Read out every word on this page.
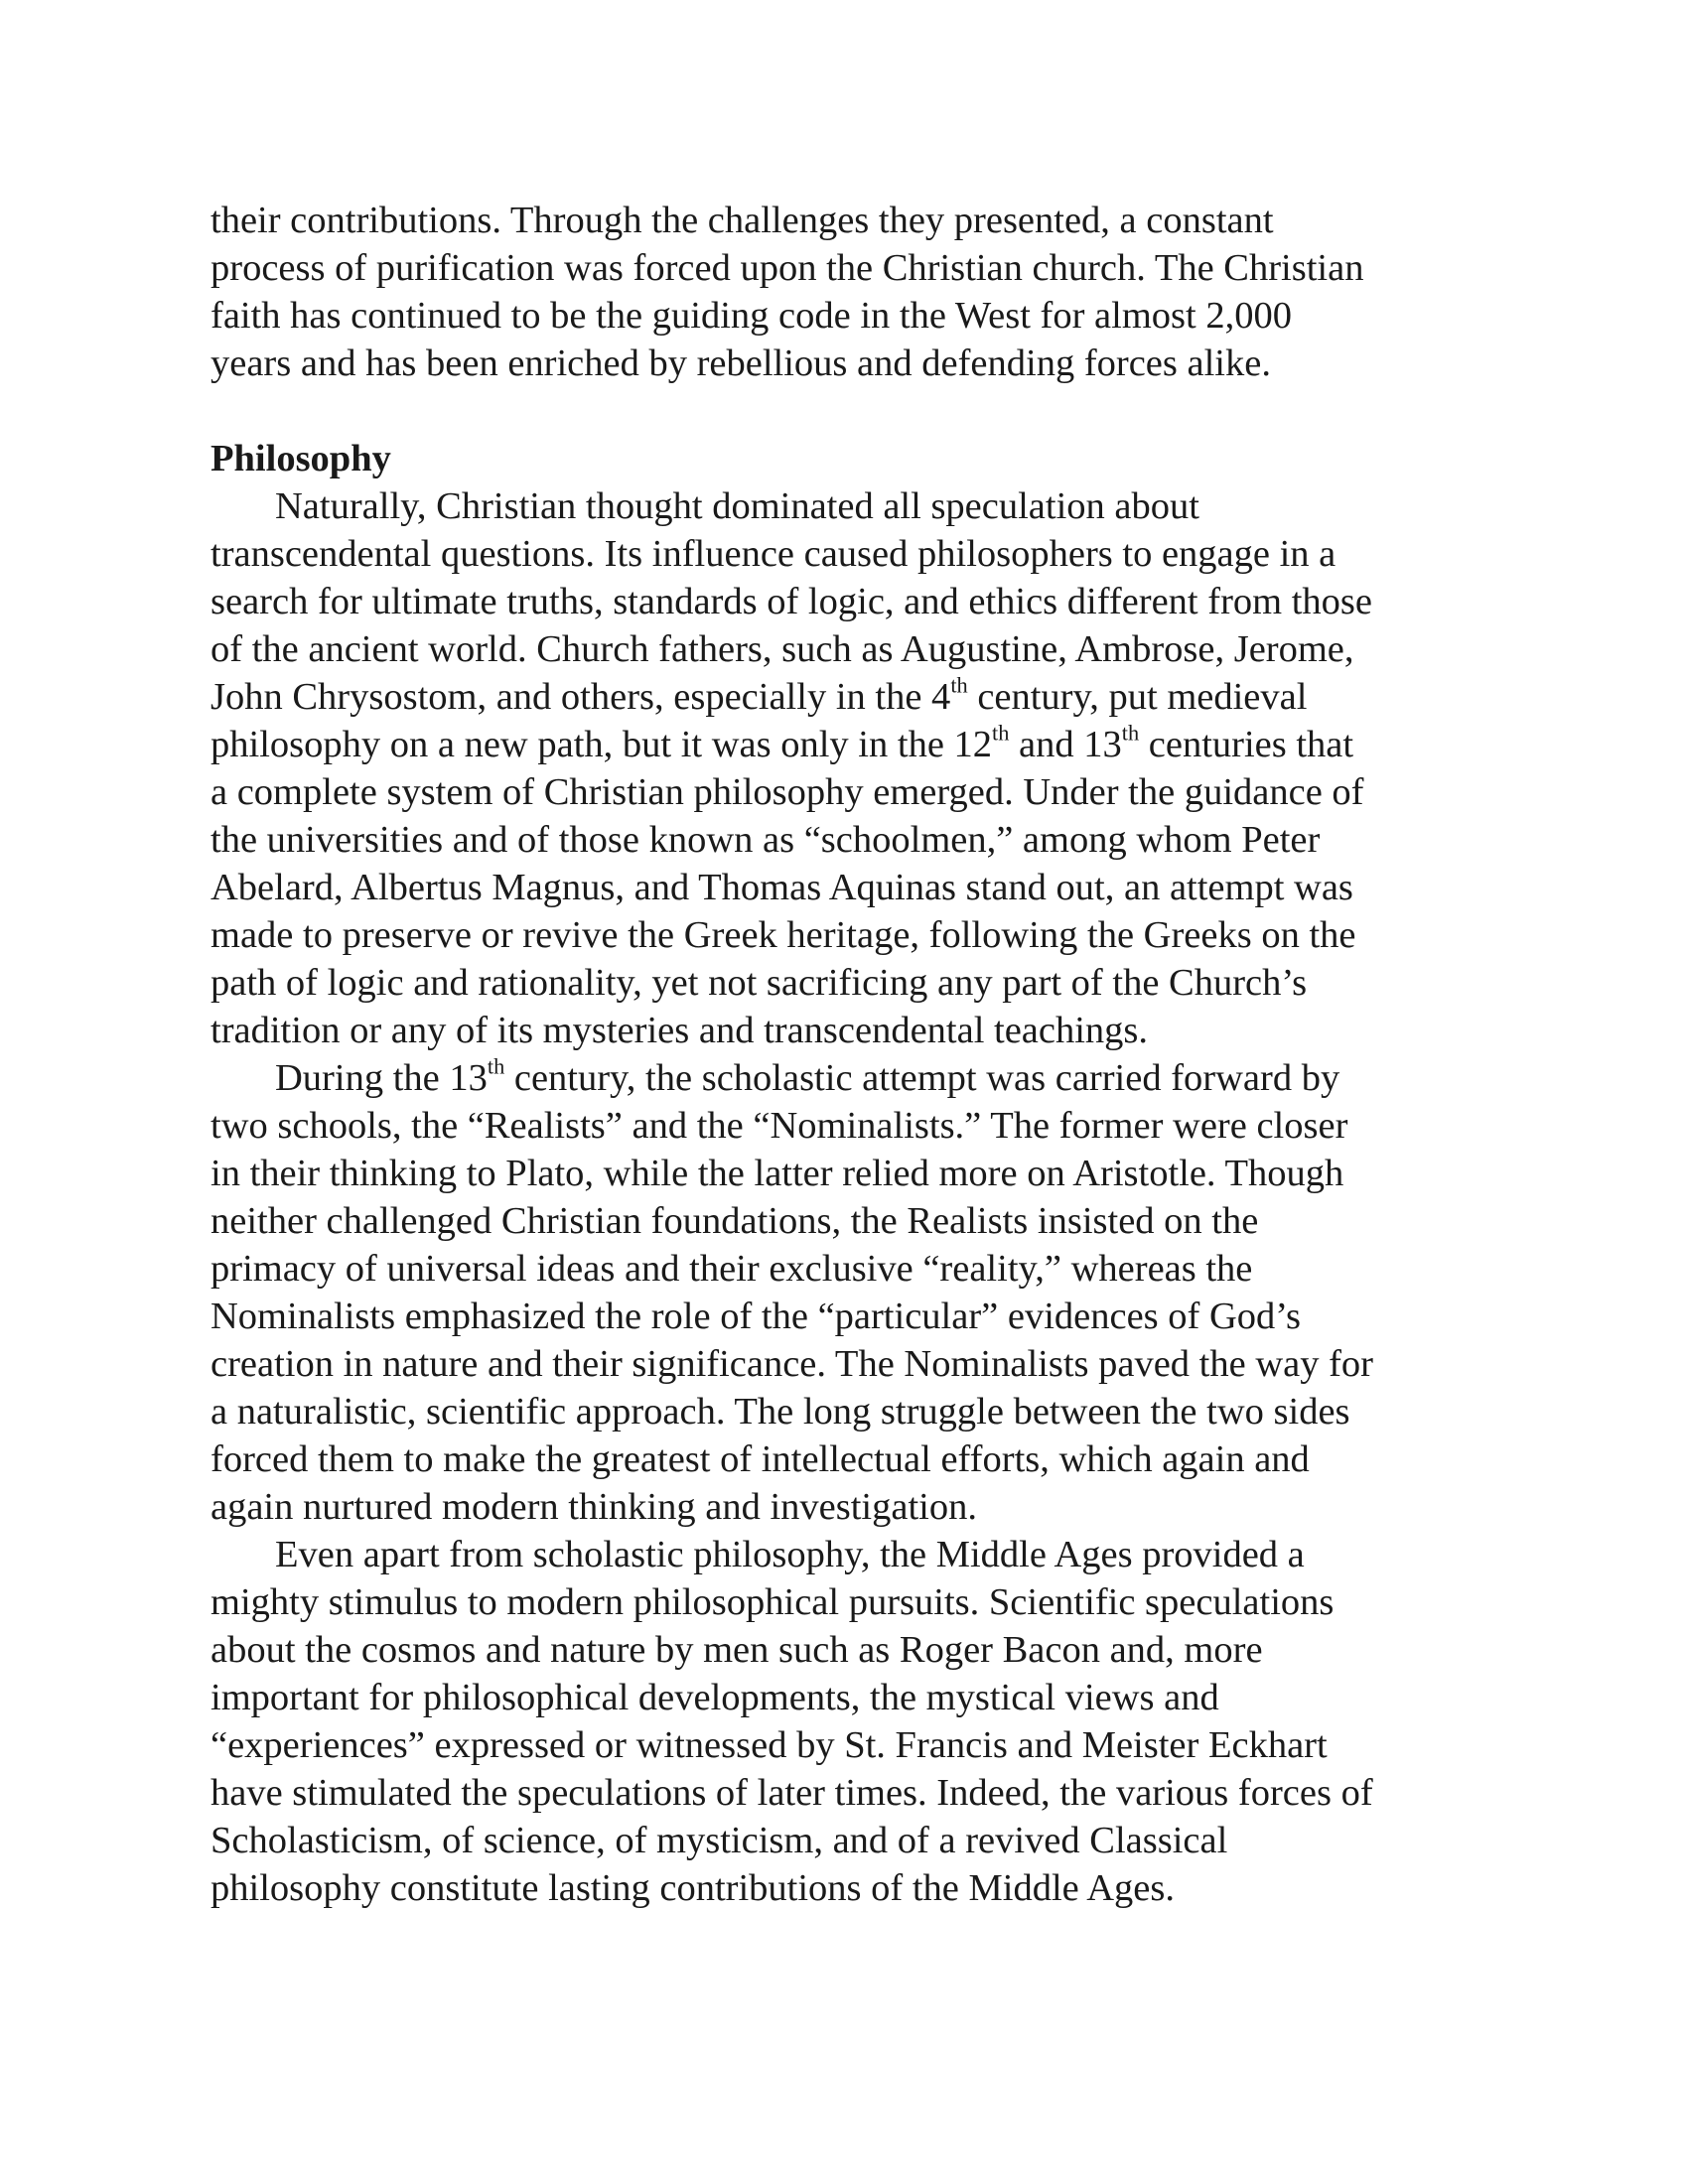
their contributions. Through the challenges they presented, a constant
process of purification was forced upon the Christian church. The Christian
faith has continued to be the guiding code in the West for almost 2,000
years and has been enriched by rebellious and defending forces alike.
Philosophy
Naturally, Christian thought dominated all speculation about
transcendental questions. Its influence caused philosophers to engage in a
search for ultimate truths, standards of logic, and ethics different from those
of the ancient world. Church fathers, such as Augustine, Ambrose, Jerome,
John Chrysostom, and others, especially in the 4th century, put medieval
philosophy on a new path, but it was only in the 12th and 13th centuries that
a complete system of Christian philosophy emerged. Under the guidance of
the universities and of those known as “schoolmen,” among whom Peter
Abelard, Albertus Magnus, and Thomas Aquinas stand out, an attempt was
made to preserve or revive the Greek heritage, following the Greeks on the
path of logic and rationality, yet not sacrificing any part of the Church’s
tradition or any of its mysteries and transcendental teachings.
During the 13th century, the scholastic attempt was carried forward by
two schools, the “Realists” and the “Nominalists.” The former were closer
in their thinking to Plato, while the latter relied more on Aristotle. Though
neither challenged Christian foundations, the Realists insisted on the
primacy of universal ideas and their exclusive “reality,” whereas the
Nominalists emphasized the role of the “particular” evidences of God’s
creation in nature and their significance. The Nominalists paved the way for
a naturalistic, scientific approach. The long struggle between the two sides
forced them to make the greatest of intellectual efforts, which again and
again nurtured modern thinking and investigation.
Even apart from scholastic philosophy, the Middle Ages provided a
mighty stimulus to modern philosophical pursuits. Scientific speculations
about the cosmos and nature by men such as Roger Bacon and, more
important for philosophical developments, the mystical views and
“experiences” expressed or witnessed by St. Francis and Meister Eckhart
have stimulated the speculations of later times. Indeed, the various forces of
Scholasticism, of science, of mysticism, and of a revived Classical
philosophy constitute lasting contributions of the Middle Ages.
